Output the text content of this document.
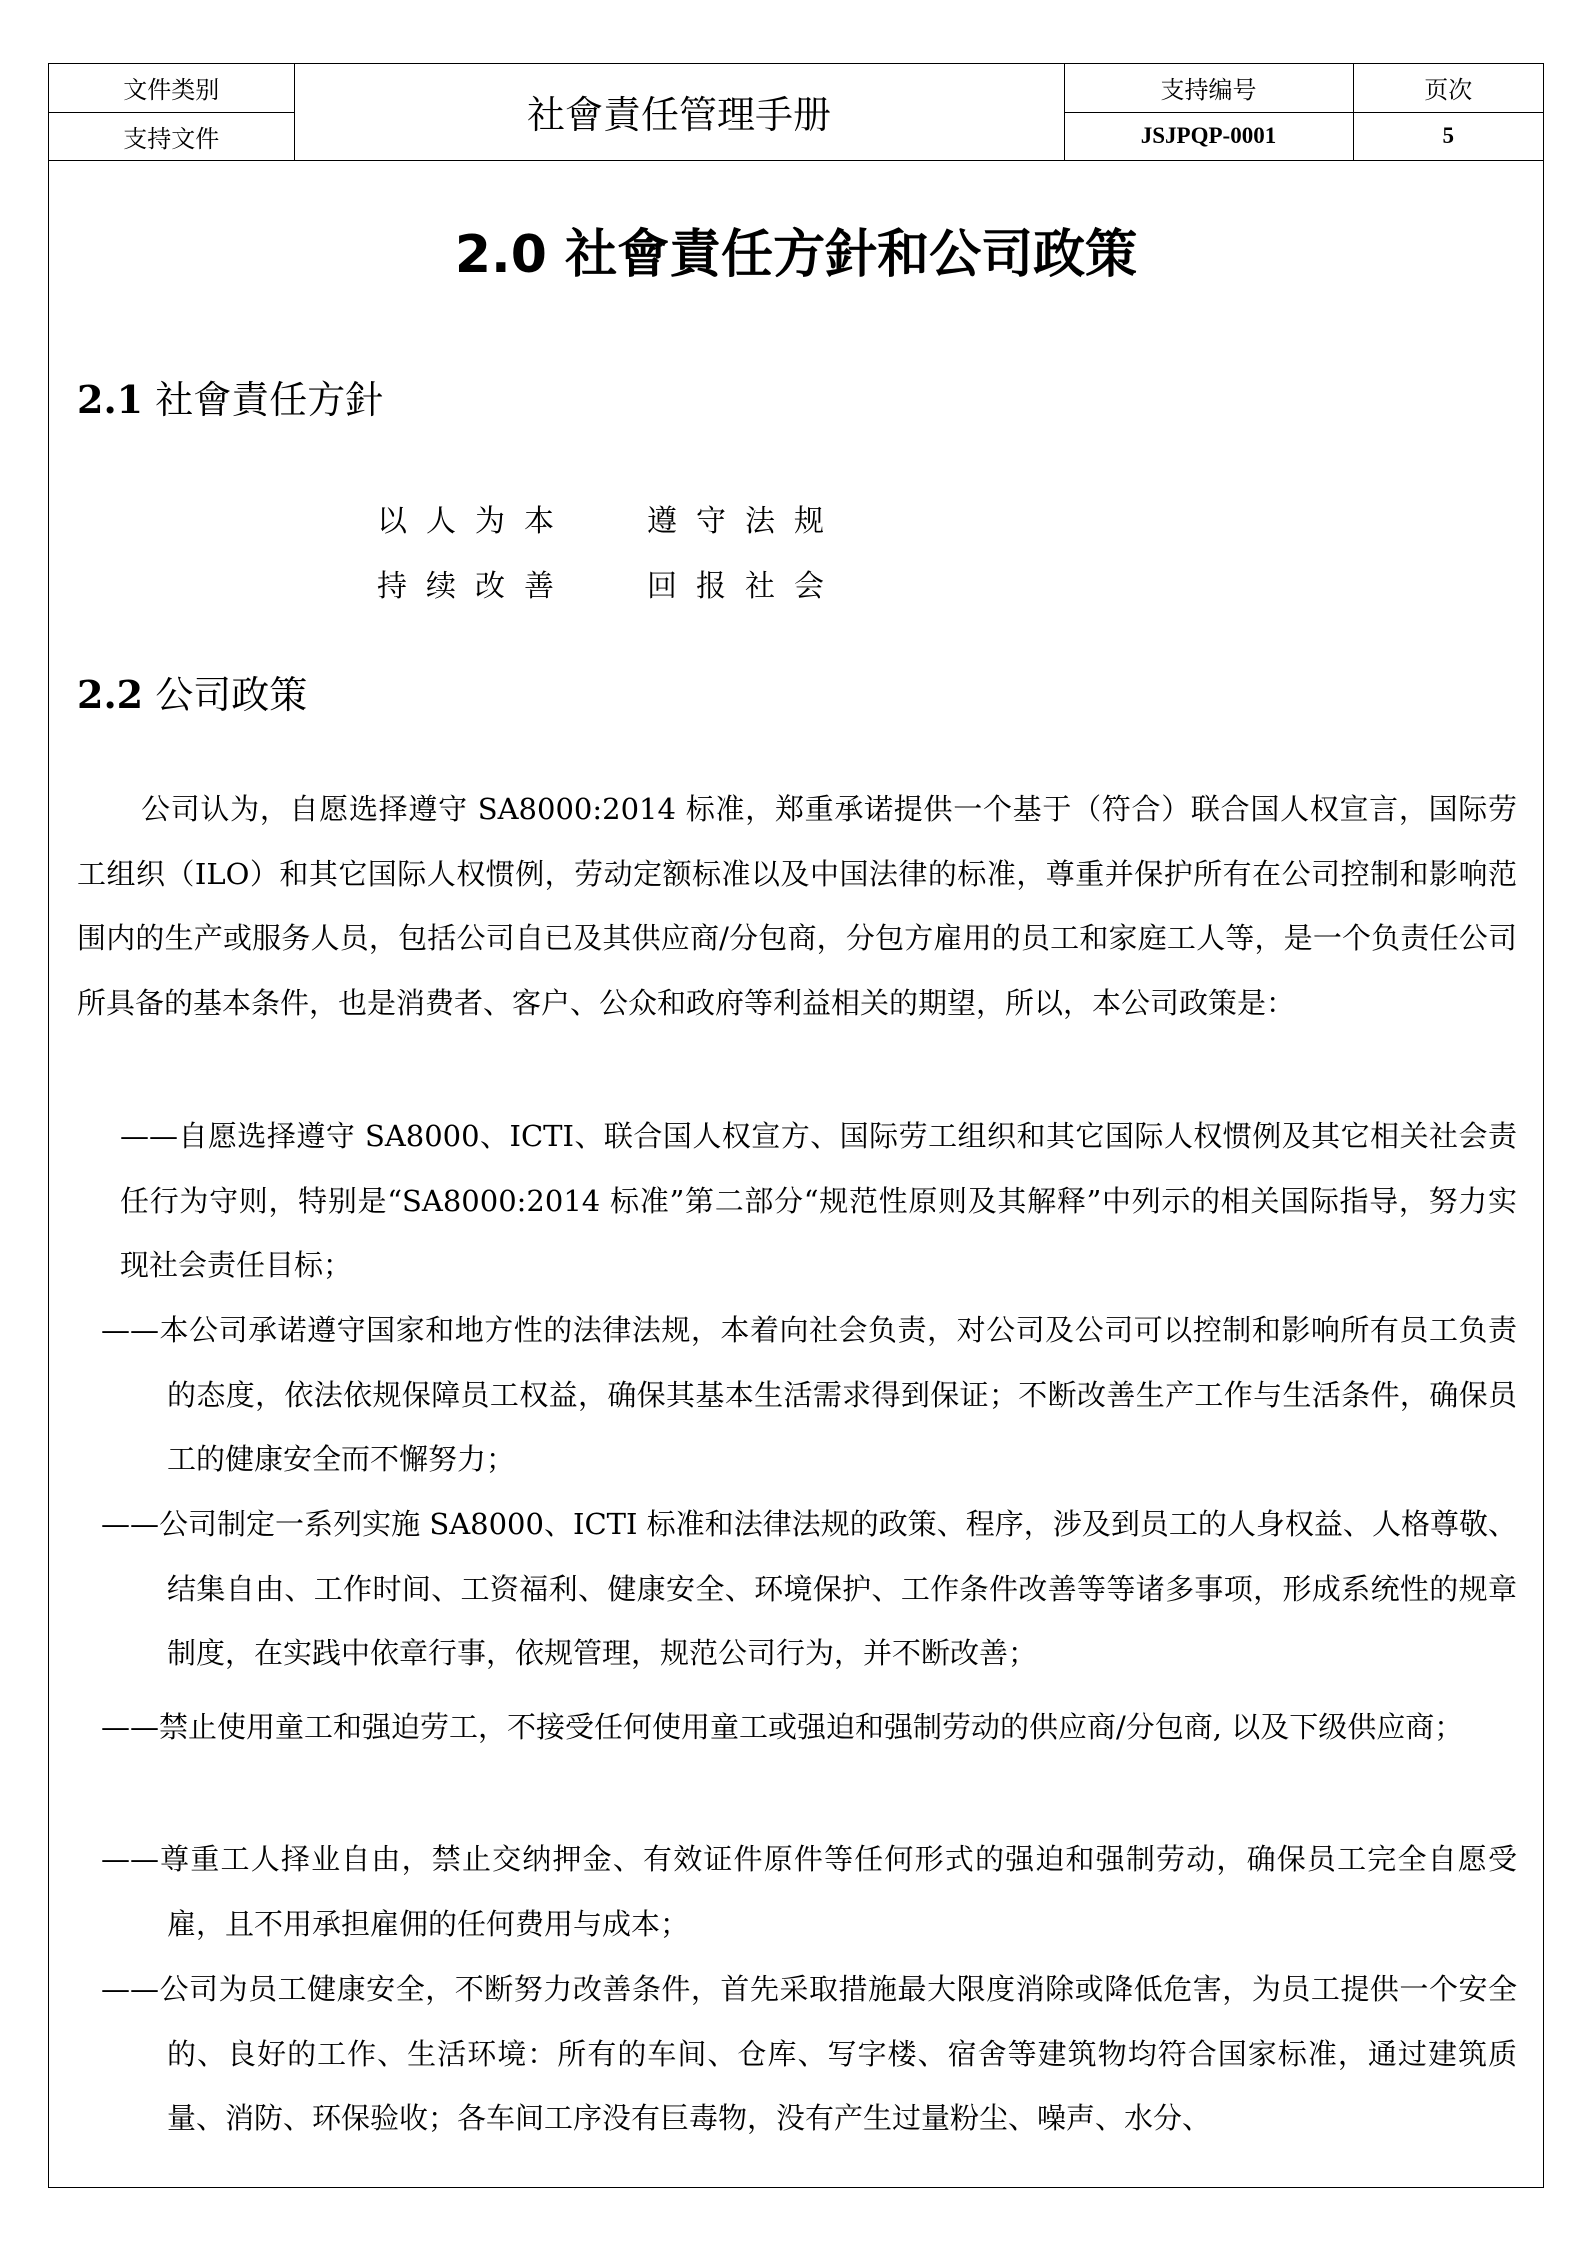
文件类别	社會責任管理手册	支持编号	页次
支持文件		JSJPQP-0001	5
2.0 社會責任方針和公司政策
2.1 社會責任方針
以人为本 遵守法规
持续改善 回报社会
2.2 公司政策

公司认为，自愿选择遵守 SA8000:2014 标准，郑重承诺提供一个基于（符合）联合国人权宣言，国际劳工组织（ILO）和其它国际人权惯例，劳动定额标准以及中国法律的标准，尊重并保护所有在公司控制和影响范围内的生产或服务人员，包括公司自已及其供应商/分包商，分包方雇用的员工和家庭工人等，是一个负责任公司所具备的基本条件，也是消费者、客户、公众和政府等利益相关的期望，所以，本公司政策是：

——自愿选择遵守 SA8000、ICTI、联合国人权宣方、国际劳工组织和其它国际人权惯例及其它相关社会责任行为守则，特别是“SA8000:2014 标准”第二部分“规范性原则及其解释”中列示的相关国际指导，努力实现社会责任目标；

——本公司承诺遵守国家和地方性的法律法规，本着向社会负责，对公司及公司可以控制和影响所有员工负责的态度，依法依规保障员工权益，确保其基本生活需求得到保证；不断改善生产工作与生活条件，确保员工的健康安全而不懈努力；

——公司制定一系列实施 SA8000、ICTI 标准和法律法规的政策、程序，涉及到员工的人身权益、人格尊敬、结集自由、工作时间、工资福利、健康安全、环境保护、工作条件改善等等诸多事项，形成系统性的规章制度，在实践中依章行事，依规管理，规范公司行为，并不断改善；

——禁止使用童工和强迫劳工，不接受任何使用童工或强迫和强制劳动的供应商/分包商, 以及下级供应商；

——尊重工人择业自由，禁止交纳押金、有效证件原件等任何形式的强迫和强制劳动，确保员工完全自愿受雇，且不用承担雇佣的任何费用与成本；

——公司为员工健康安全，不断努力改善条件，首先采取措施最大限度消除或降低危害，为员工提供一个安全的、良好的工作、生活环境：所有的车间、仓库、写字楼、宿舍等建筑物均符合国家标准，通过建筑质量、消防、环保验收；各车间工序没有巨毒物，没有产生过量粉尘、噪声、水分、
